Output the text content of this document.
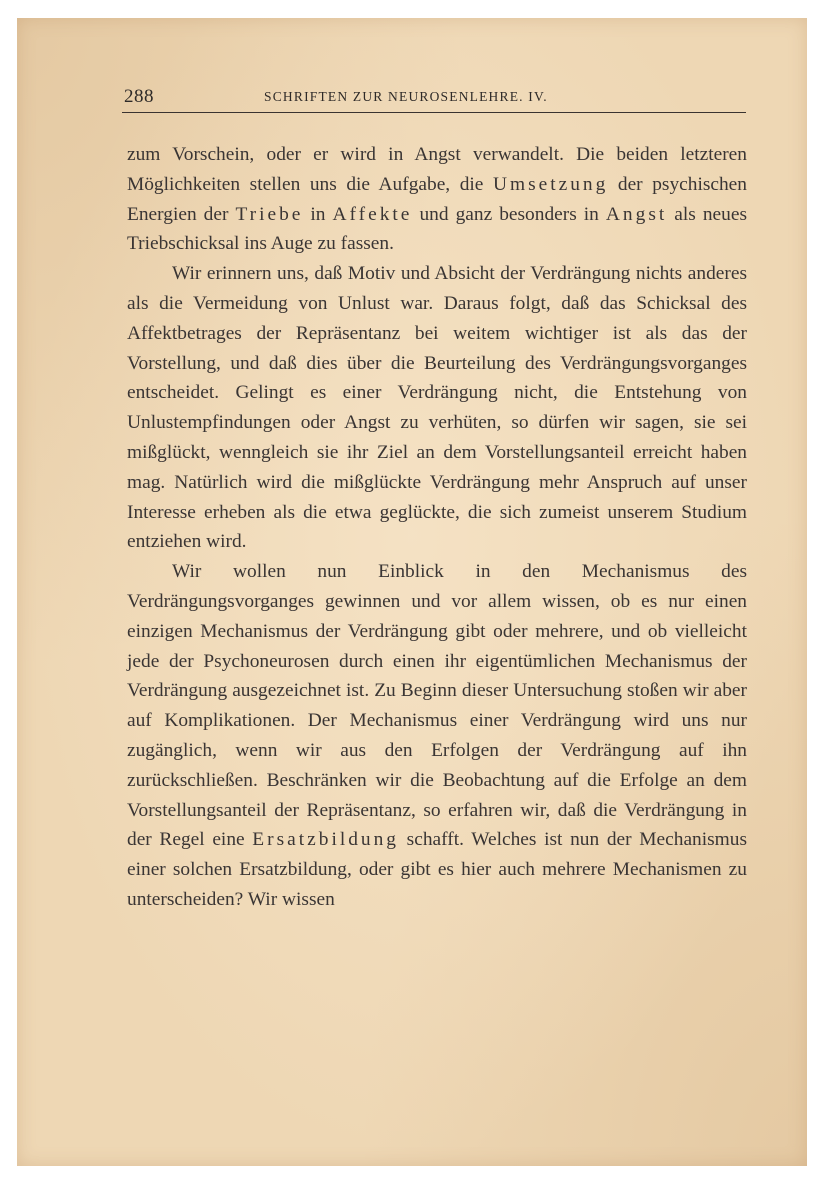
288	SCHRIFTEN ZUR NEUROSENLEHRE. IV.

zum Vorschein, oder er wird in Angst verwandelt. Die beiden letzteren Möglichkeiten stellen uns die Aufgabe, die Umsetzung der psychischen Energien der Triebe in Affekte und ganz besonders in Angst als neues Triebschicksal ins Auge zu fassen.

Wir erinnern uns, daß Motiv und Absicht der Verdrängung nichts anderes als die Vermeidung von Unlust war. Daraus folgt, daß das Schicksal des Affektbetrages der Repräsentanz bei weitem wichtiger ist als das der Vorstellung, und daß dies über die Beurteilung des Verdrängungsvorganges entscheidet. Gelingt es einer Verdrängung nicht, die Entstehung von Unlustempfindungen oder Angst zu verhüten, so dürfen wir sagen, sie sei mißglückt, wenngleich sie ihr Ziel an dem Vorstellungsanteil erreicht haben mag. Natürlich wird die mißglückte Verdrängung mehr Anspruch auf unser Interesse erheben als die etwa geglückte, die sich zumeist unserem Studium entziehen wird.

Wir wollen nun Einblick in den Mechanismus des Verdrängungsvorganges gewinnen und vor allem wissen, ob es nur einen einzigen Mechanismus der Verdrängung gibt oder mehrere, und ob vielleicht jede der Psychoneurosen durch einen ihr eigentümlichen Mechanismus der Verdrängung ausgezeichnet ist. Zu Beginn dieser Untersuchung stoßen wir aber auf Komplikationen. Der Mechanismus einer Verdrängung wird uns nur zugänglich, wenn wir aus den Erfolgen der Verdrängung auf ihn zurückschließen. Beschränken wir die Beobachtung auf die Erfolge an dem Vorstellungsanteil der Repräsentanz, so erfahren wir, daß die Verdrängung in der Regel eine Ersatzbildung schafft. Welches ist nun der Mechanismus einer solchen Ersatzbildung, oder gibt es hier auch mehrere Mechanismen zu unterscheiden? Wir wissen
